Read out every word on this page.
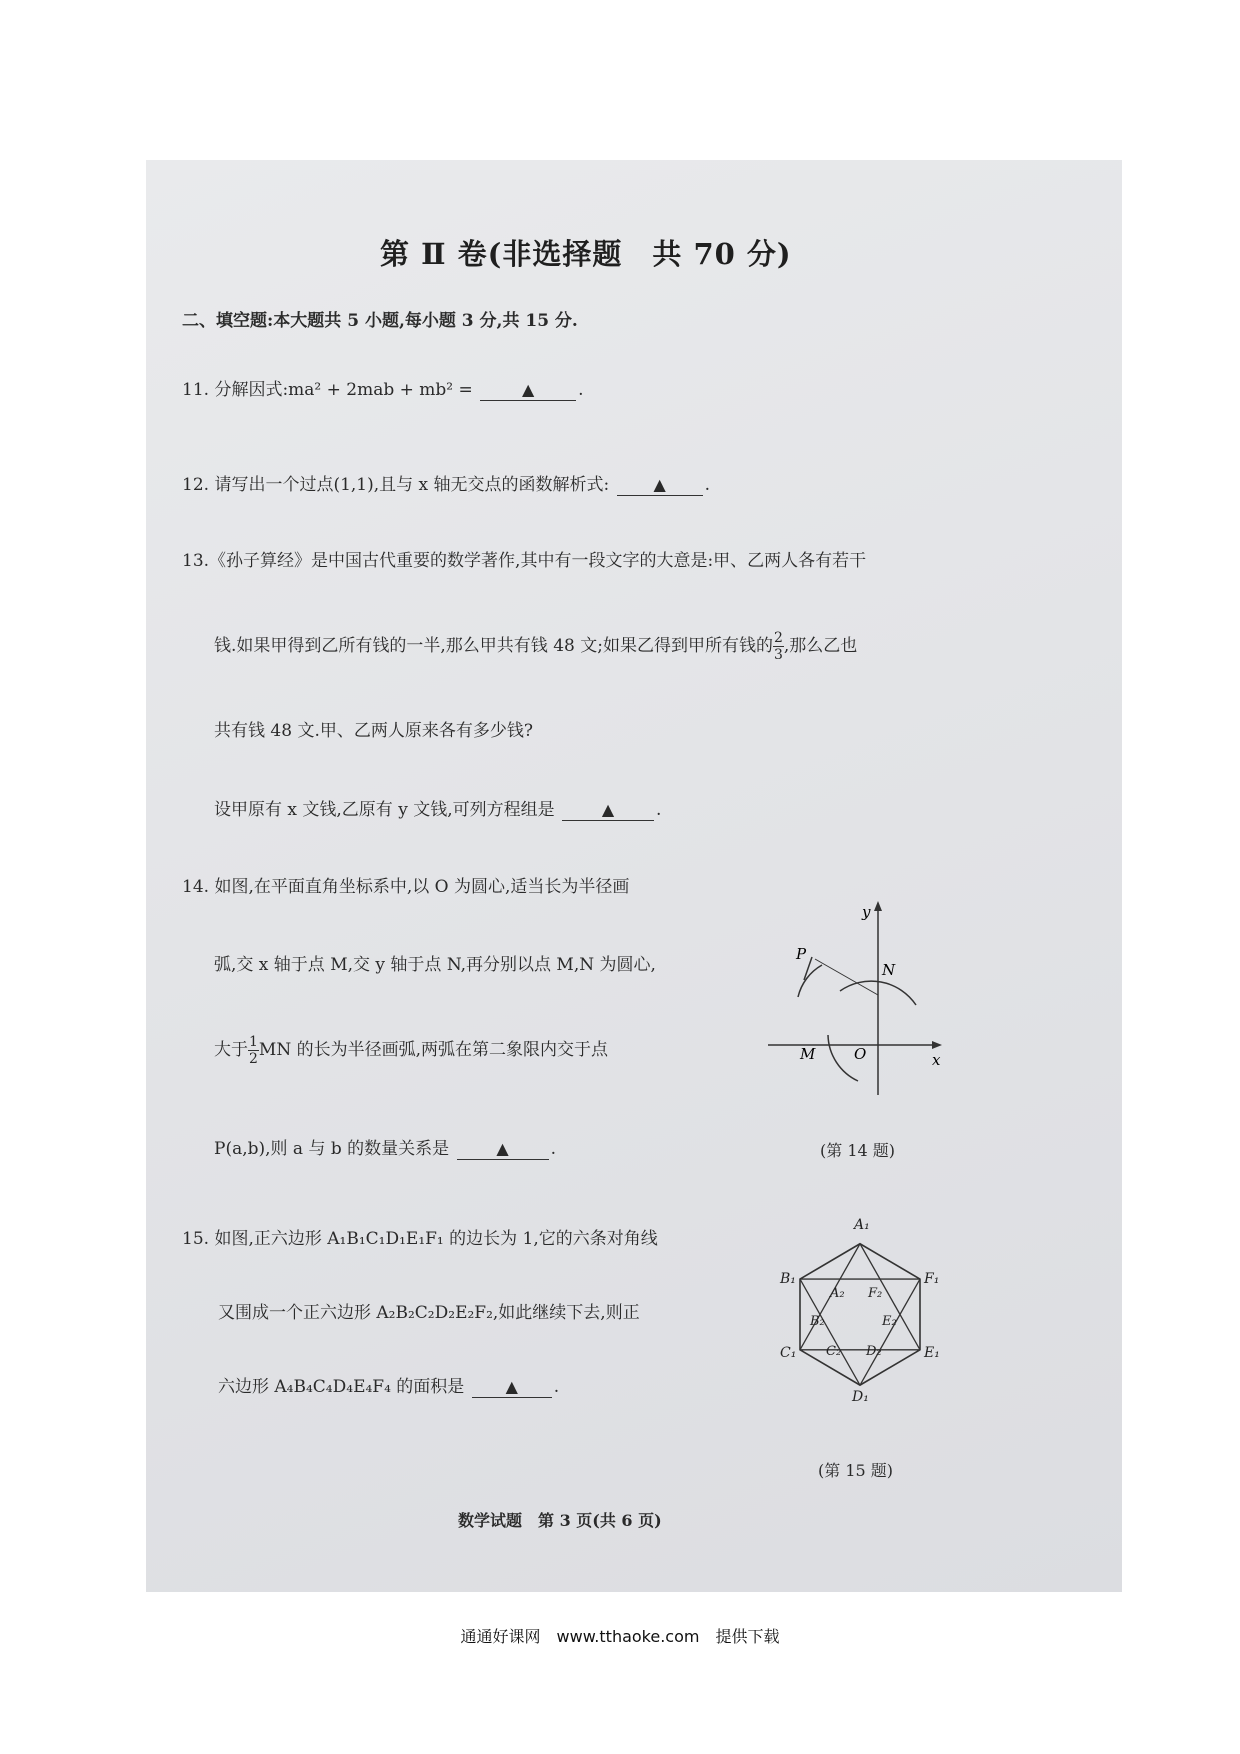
第 Ⅱ 卷(非选择题　共 70 分)
二、填空题:本大题共 5 小题,每小题 3 分,共 15 分.
11. 分解因式:ma² + 2mab + mb² =	▲	.
12. 请写出一个过点(1,1),且与 x 轴无交点的函数解析式:	▲ .
13.《孙子算经》是中国古代重要的数学著作,其中有一段文字的大意是:甲、乙两人各有若干
钱.如果甲得到乙所有钱的一半,那么甲共有钱 48 文;如果乙得到甲所有钱的 $\frac{2}{3}$ ,那么乙也
共有钱 48 文.甲、乙两人原来各有多少钱?
设甲原有 x 文钱,乙原有 y 文钱,可列方程组是	▲ .
14. 如图,在平面直角坐标系中,以 O 为圆心,适当长为半径画
弧,交 x 轴于点 M,交 y 轴于点 N,再分别以点 M,N 为圆心,
大于 $\frac{1}{2}$ MN 的长为半径画弧,两弧在第二象限内交于点
P(a,b),则 a 与 b 的数量关系是	▲ .
y
x
P
N
M	O
(第 14 题)
15. 如图,正六边形 A₁B₁C₁D₁E₁F₁ 的边长为 1,它的六条对角线
又围成一个正六边形 A₂B₂C₂D₂E₂F₂,如此继续下去,则正
六边形 A₄B₄C₄D₄E₄F₄ 的面积是	▲ .
A₁
B₁
C₁
D₁
E₁
F₁
A₂
B₂
C₂ D₂
E₂
F₂
(第 15 题)
数学试题　第 3 页(共 6 页)
通通好课网　www.tthaoke.com　提供下载
